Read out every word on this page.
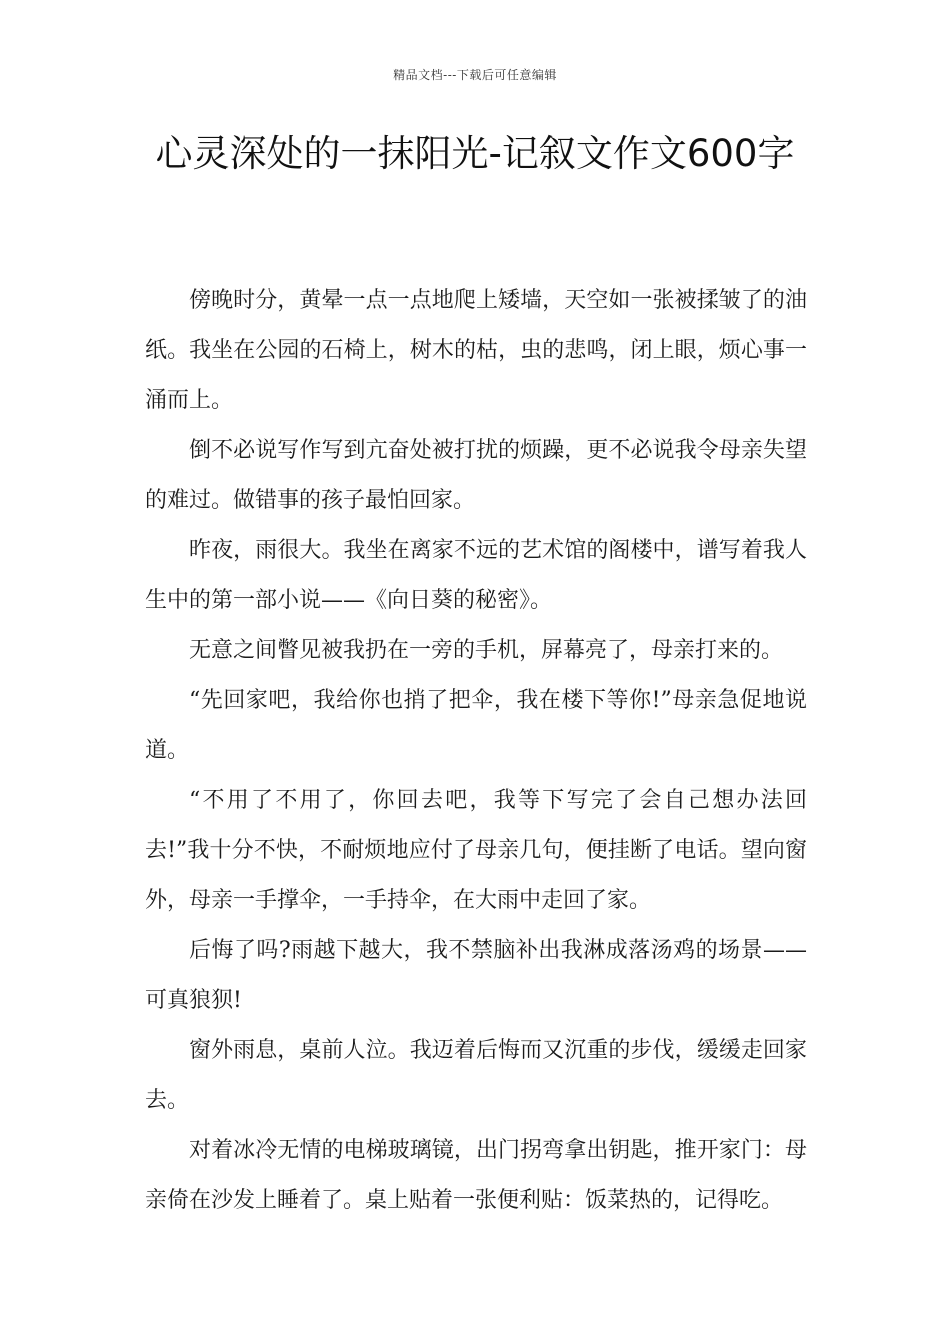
精品文档---下载后可任意编辑
心灵深处的一抹阳光-记叙文作文600字

傍晚时分，黄晕一点一点地爬上矮墙，天空如一张被揉皱了的油纸。我坐在公园的石椅上，树木的枯，虫的悲鸣，闭上眼，烦心事一涌而上。

倒不必说写作写到亢奋处被打扰的烦躁，更不必说我令母亲失望的难过。做错事的孩子最怕回家。

昨夜，雨很大。我坐在离家不远的艺术馆的阁楼中，谱写着我人生中的第一部小说——《向日葵的秘密》。

无意之间瞥见被我扔在一旁的手机，屏幕亮了，母亲打来的。

“先回家吧，我给你也捎了把伞，我在楼下等你!”母亲急促地说道。

“不用了不用了，你回去吧，我等下写完了会自己想办法回去!”我十分不快，不耐烦地应付了母亲几句，便挂断了电话。望向窗外，母亲一手撑伞，一手持伞，在大雨中走回了家。

后悔了吗?雨越下越大，我不禁脑补出我淋成落汤鸡的场景——可真狼狈!

窗外雨息，桌前人泣。我迈着后悔而又沉重的步伐，缓缓走回家去。

对着冰冷无情的电梯玻璃镜，出门拐弯拿出钥匙，推开家门：母亲倚在沙发上睡着了。桌上贴着一张便利贴：饭菜热的，记得吃。
